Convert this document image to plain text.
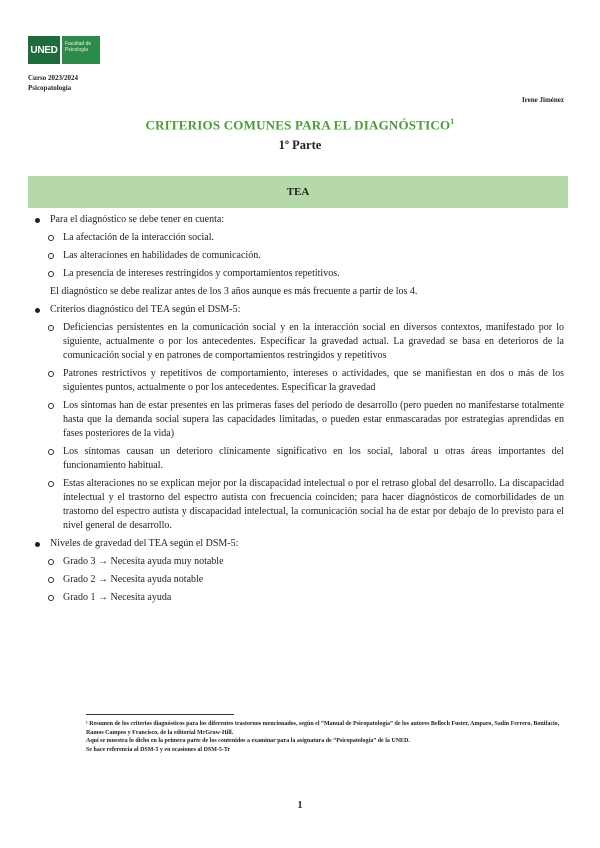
UNED
Facultad de Psicología
Curso 2023/2024
Psicopatología
Irene Jiménez
CRITERIOS COMUNES PARA EL DIAGNÓSTICO$^1$
1º Parte
TEA
Para el diagnóstico se debe tener en cuenta:
La afectación de la interacción social.
Las alteraciones en habilidades de comunicación.
La presencia de intereses restringidos y comportamientos repetitivos.
El diagnóstico se debe realizar antes de los 3 años aunque es más frecuente a partir de los 4.
Criterios diagnóstico del TEA según el DSM-5:
Deficiencias persistentes en la comunicación social y en la interacción social en diversos contextos, manifestado por lo siguiente, actualmente o por los antecedentes. Especificar la gravedad actual. La gravedad se basa en deterioros de la comunicación social y en patrones de comportamientos restringidos y repetitivos
Patrones restrictivos y repetitivos de comportamiento, intereses o actividades, que se manifiestan en dos o más de los siguientes puntos, actualmente o por los antecedentes. Especificar la gravedad
Los síntomas han de estar presentes en las primeras fases del periodo de desarrollo (pero pueden no manifestarse totalmente hasta que la demanda social supera las capacidades limitadas, o pueden estar enmascaradas por estrategias aprendidas en fases posteriores de la vida)
Los síntomas causan un deterioro clínicamente significativo en los social, laboral u otras áreas importantes del funcionamiento habitual.
Estas alteraciones no se explican mejor por la discapacidad intelectual o por el retraso global del desarrollo. La discapacidad intelectual y el trastorno del espectro autista con frecuencia coinciden; para hacer diagnósticos de comorbilidades de un trastorno del espectro autista y discapacidad intelectual, la comunicación social ha de estar por debajo de lo previsto para el nivel general de desarrollo.
Niveles de gravedad del TEA según el DSM-5:
Grado 3 → Necesita ayuda muy notable
Grado 2 → Necesita ayuda notable
Grado 1 → Necesita ayuda

¹ Resumen de los criterios diagnósticos para los diferentes trastornos mencionados, según el “Manual de Psicopatología” de los autores Belloch Fuster, Amparo, Sadin Ferrero, Bonifacio, Ramos Campos y Francisco, de la editorial McGraw-Hill.

Aquí se muestra lo dicho en la primera parte de los contenidos a examinar para la asignatura de “Psicopatología” de la UNED.

Se hace referencia al DSM-5 y en ocasiones al DSM-5-Tr

1
